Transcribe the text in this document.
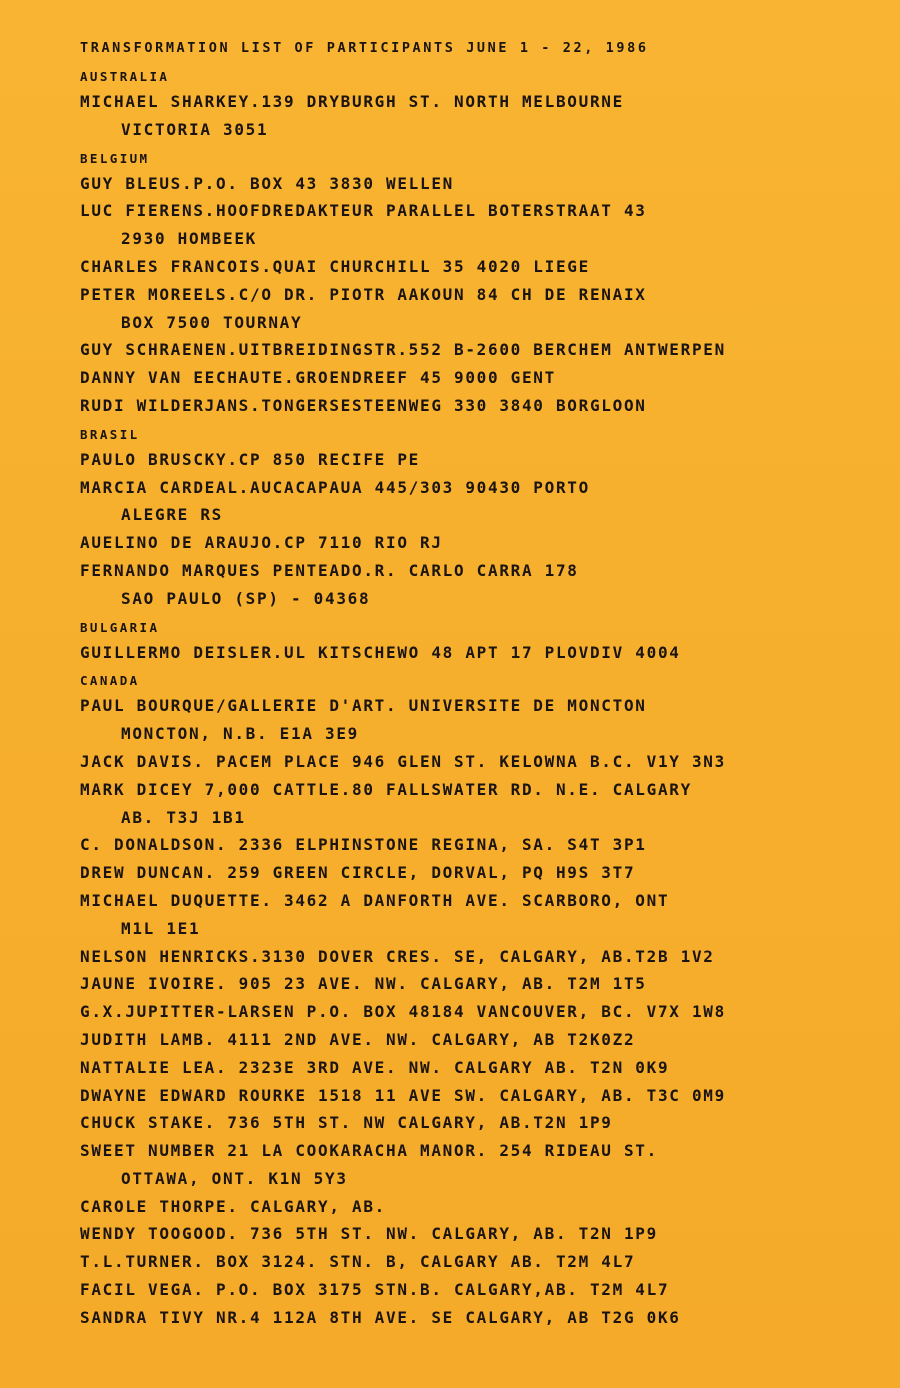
TRANSFORMATION LIST OF PARTICIPANTS JUNE 1 - 22, 1986
AUSTRALIA
MICHAEL SHARKEY.139 DRYBURGH ST. NORTH MELBOURNE
VICTORIA 3051
BELGIUM
GUY BLEUS.P.O. BOX 43 3830 WELLEN
LUC FIERENS.HOOFDREDAKTEUR PARALLEL BOTERSTRAAT 43
2930 HOMBEEK
CHARLES FRANCOIS.QUAI CHURCHILL 35 4020 LIEGE
PETER MOREELS.C/O DR. PIOTR AAKOUN 84 CH DE RENAIX
BOX 7500 TOURNAY
GUY SCHRAENEN.UITBREIDINGSTR.552 B-2600 BERCHEM ANTWERPEN
DANNY VAN EECHAUTE.GROENDREEF 45 9000 GENT
RUDI WILDERJANS.TONGERSESTEENWEG 330 3840 BORGLOON
BRASIL
PAULO BRUSCKY.CP 850 RECIFE PE
MARCIA CARDEAL.AUCACAPAUA 445/303 90430 PORTO
ALEGRE RS
AUELINO DE ARAUJO.CP 7110 RIO RJ
FERNANDO MARQUES PENTEADO.R. CARLO CARRA 178
SAO PAULO (SP) - 04368
BULGARIA
GUILLERMO DEISLER.UL KITSCHEWO 48 APT 17 PLOVDIV 4004
CANADA
PAUL BOURQUE/GALLERIE D'ART. UNIVERSITE DE MONCTON
MONCTON, N.B. E1A 3E9
JACK DAVIS. PACEM PLACE 946 GLEN ST. KELOWNA B.C. V1Y 3N3
MARK DICEY 7,000 CATTLE.80 FALLSWATER RD. N.E. CALGARY
AB. T3J 1B1
C. DONALDSON. 2336 ELPHINSTONE REGINA, SA. S4T 3P1
DREW DUNCAN. 259 GREEN CIRCLE, DORVAL, PQ H9S 3T7
MICHAEL DUQUETTE. 3462 A DANFORTH AVE. SCARBORO, ONT
M1L 1E1
NELSON HENRICKS.3130 DOVER CRES. SE, CALGARY, AB.T2B 1V2
JAUNE IVOIRE. 905 23 AVE. NW. CALGARY, AB. T2M 1T5
G.X.JUPITTER-LARSEN P.O. BOX 48184 VANCOUVER, BC. V7X 1W8
JUDITH LAMB. 4111 2ND AVE. NW. CALGARY, AB T2K0Z2
NATTALIE LEA. 2323E 3RD AVE. NW. CALGARY AB. T2N 0K9
DWAYNE EDWARD ROURKE 1518 11 AVE SW. CALGARY, AB. T3C 0M9
CHUCK STAKE. 736 5TH ST. NW CALGARY, AB.T2N 1P9
SWEET NUMBER 21 LA COOKARACHA MANOR. 254 RIDEAU ST.
OTTAWA, ONT. K1N 5Y3
CAROLE THORPE. CALGARY, AB.
WENDY TOOGOOD. 736 5TH ST. NW. CALGARY, AB. T2N 1P9
T.L.TURNER. BOX 3124. STN. B, CALGARY AB. T2M 4L7
FACIL VEGA. P.O. BOX 3175 STN.B. CALGARY,AB. T2M 4L7
SANDRA TIVY NR.4 112A 8TH AVE. SE CALGARY, AB T2G 0K6
